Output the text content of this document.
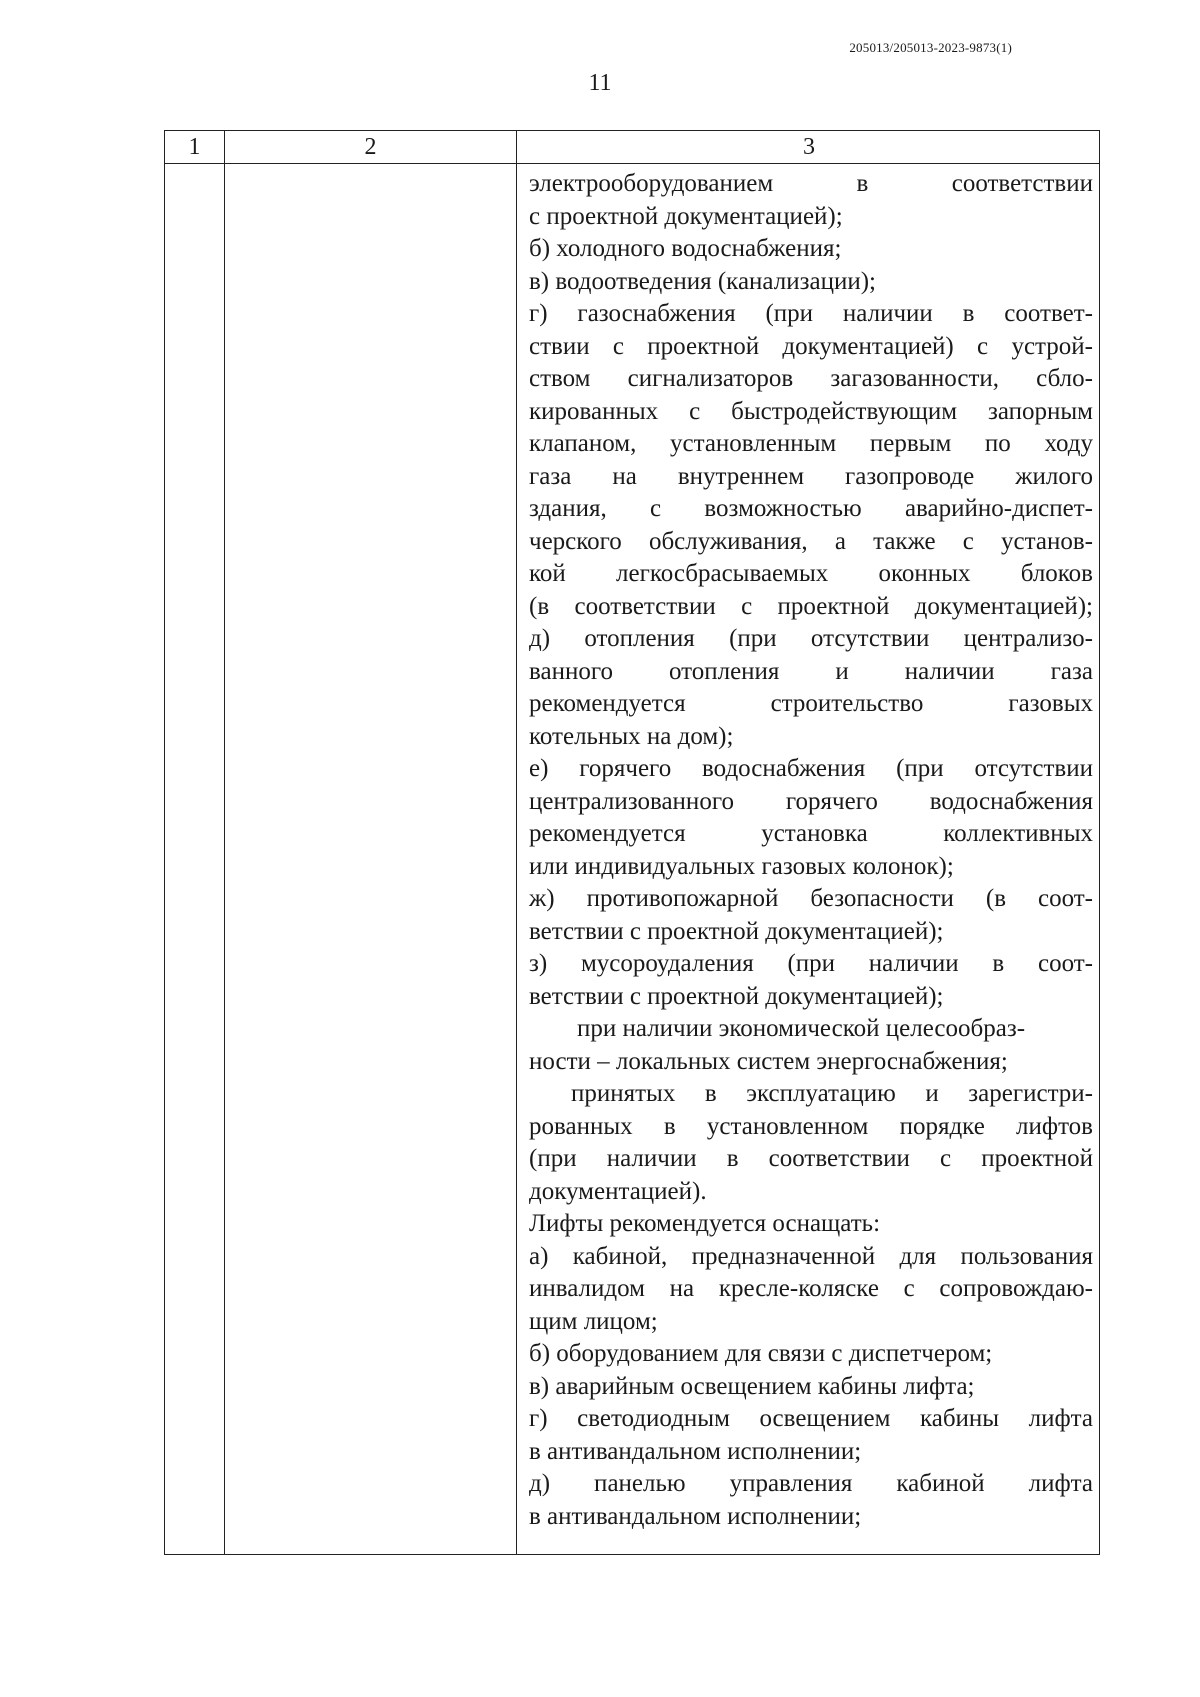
205013/205013-2023-9873(1)
11
1	2	3
электрооборудованием в соответствии
с проектной документацией);
б) холодного водоснабжения;
в) водоотведения (канализации);
г) газоснабжения (при наличии в соответ-
ствии с проектной документацией) с устрой-
ством сигнализаторов загазованности, сбло-
кированных с быстродействующим запорным
клапаном, установленным первым по ходу
газа на внутреннем газопроводе жилого
здания, с возможностью аварийно-диспет-
черского обслуживания, а также с установ-
кой легкосбрасываемых оконных блоков
(в соответствии с проектной документацией);
д) отопления (при отсутствии централизо-
ванного отопления и наличии газа
рекомендуется строительство газовых
котельных на дом);
е) горячего водоснабжения (при отсутствии
централизованного горячего водоснабжения
рекомендуется установка коллективных
или индивидуальных газовых колонок);
ж) противопожарной безопасности (в соот-
ветствии с проектной документацией);
з) мусороудаления (при наличии в соот-
ветствии с проектной документацией);
при наличии экономической целесообраз-
ности – локальных систем энергоснабжения;
принятых в эксплуатацию и зарегистри-
рованных в установленном порядке лифтов
(при наличии в соответствии с проектной
документацией).
Лифты рекомендуется оснащать:
а) кабиной, предназначенной для пользования
инвалидом на кресле-коляске с сопровождаю-
щим лицом;
б) оборудованием для связи с диспетчером;
в) аварийным освещением кабины лифта;
г) светодиодным освещением кабины лифта
в антивандальном исполнении;
д) панелью управления кабиной лифта
в антивандальном исполнении;
